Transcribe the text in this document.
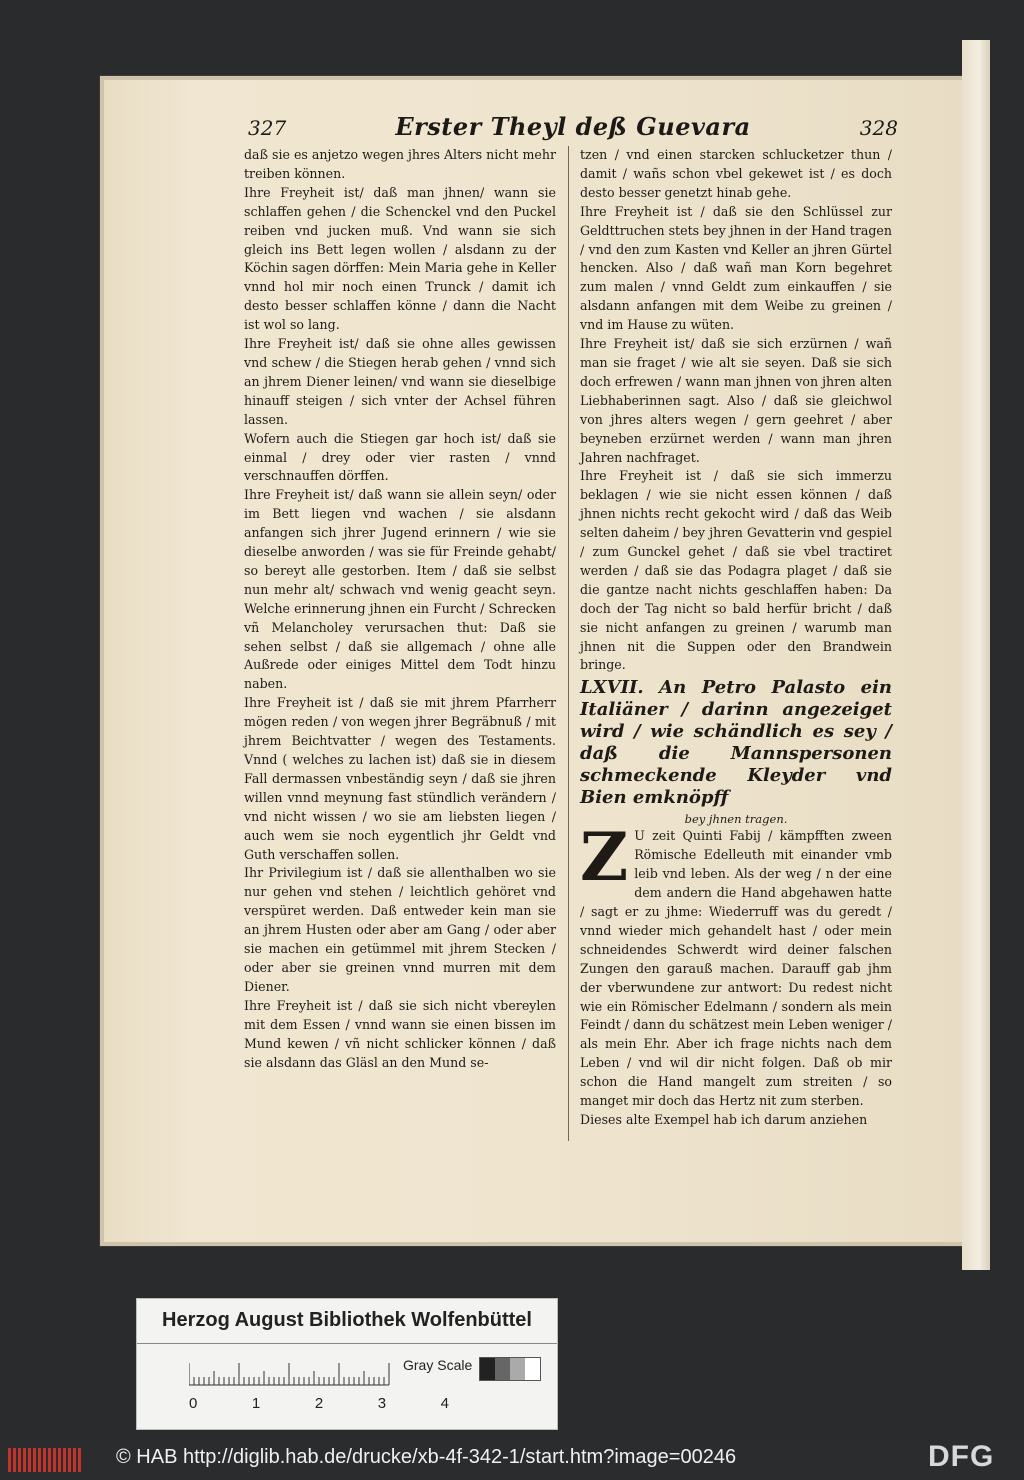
327	Erster Theyl deß Guevara	328

daß sie es anjetzo wegen jhres Alters nicht mehr treiben können.

Ihre Freyheit ist/ daß man jhnen/ wann sie schlaffen gehen / die Schenckel vnd den Puckel reiben vnd jucken muß. Vnd wann sie sich gleich ins Bett legen wollen / alsdann zu der Köchin sagen dörffen: Mein Maria gehe in Keller vnnd hol mir noch einen Trunck / damit ich desto besser schlaffen könne / dann die Nacht ist wol so lang.

Ihre Freyheit ist/ daß sie ohne alles gewissen vnd schew / die Stiegen herab gehen / vnnd sich an jhrem Diener leinen/ vnd wann sie dieselbige hinauff steigen / sich vnter der Achsel führen lassen.

Wofern auch die Stiegen gar hoch ist/ daß sie einmal / drey oder vier rasten / vnnd verschnauffen dörffen.

Ihre Freyheit ist/ daß wann sie allein seyn/ oder im Bett liegen vnd wachen / sie alsdann anfangen sich jhrer Jugend erinnern / wie sie dieselbe anworden / was sie für Freinde gehabt/ so bereyt alle gestorben. Item / daß sie selbst nun mehr alt/ schwach vnd wenig geacht seyn. Welche erinnerung jhnen ein Furcht / Schrecken vñ Melancholey verursachen thut: Daß sie sehen selbst / daß sie allgemach / ohne alle Außrede oder einiges Mittel dem Todt hinzu naben.

Ihre Freyheit ist / daß sie mit jhrem Pfarrherr mögen reden / von wegen jhrer Begräbnuß / mit jhrem Beichtvatter / wegen des Testaments. Vnnd ( welches zu lachen ist) daß sie in diesem Fall dermassen vnbeständig seyn / daß sie jhren willen vnnd meynung fast stündlich verändern / vnd nicht wissen / wo sie am liebsten liegen / auch wem sie noch eygentlich jhr Geldt vnd Guth verschaffen sollen.

Ihr Privilegium ist / daß sie allenthalben wo sie nur gehen vnd stehen / leichtlich gehöret vnd verspüret werden. Daß entweder kein man sie an jhrem Husten oder aber am Gang / oder aber sie machen ein getümmel mit jhrem Stecken / oder aber sie greinen vnnd murren mit dem Diener.

Ihre Freyheit ist / daß sie sich nicht vbereylen mit dem Essen / vnnd wann sie einen bissen im Mund kewen / vñ nicht schlicker können / daß sie alsdann das Gläsl an den Mund se-

tzen / vnd einen starcken schlucketzer thun / damit / wañs schon vbel gekewet ist / es doch desto besser genetzt hinab gehe.

Ihre Freyheit ist / daß sie den Schlüssel zur Geldttruchen stets bey jhnen in der Hand tragen / vnd den zum Kasten vnd Keller an jhren Gürtel hencken. Also / daß wañ man Korn begehret zum malen / vnnd Geldt zum einkauffen / sie alsdann anfangen mit dem Weibe zu greinen / vnd im Hause zu wüten.

Ihre Freyheit ist/ daß sie sich erzürnen / wañ man sie fraget / wie alt sie seyen. Daß sie sich doch erfrewen / wann man jhnen von jhren alten Liebhaberinnen sagt. Also / daß sie gleichwol von jhres alters wegen / gern geehret / aber beyneben erzürnet werden / wann man jhren Jahren nachfraget.

Ihre Freyheit ist / daß sie sich immerzu beklagen / wie sie nicht essen können / daß jhnen nichts recht gekocht wird / daß das Weib selten daheim / bey jhren Gevatterin vnd gespiel / zum Gunckel gehet / daß sie vbel tractiret werden / daß sie das Podagra plaget / daß sie die gantze nacht nichts geschlaffen haben: Da doch der Tag nicht so bald herfür bricht / daß sie nicht anfangen zu greinen / warumb man jhnen nit die Suppen oder den Brandwein bringe.

LXVII. An Petro Palasto ein Italiäner / darinn angezeiget wird / wie schändlich es sey / daß die Mannspersonen schmeckende Kleyder vnd Bien emknöpff
bey jhnen tragen.

Z U zeit Quinti Fabij / kämpfften zween Römische Edelleuth mit einander vmb leib vnd leben. Als der weg / n der eine dem andern die Hand abgehawen hatte / sagt er zu jhme: Wiederruff was du geredt / vnnd wieder mich gehandelt hast / oder mein schneidendes Schwerdt wird deiner falschen Zungen den garauß machen. Darauff gab jhm der vberwundene zur antwort: Du redest nicht wie ein Römischer Edelmann / sondern als mein Feindt / dann du schätzest mein Leben weniger / als mein Ehr. Aber ich frage nichts nach dem Leben / vnd wil dir nicht folgen. Daß ob mir schon die Hand mangelt zum streiten / so manget mir doch das Hertz nit zum sterben.

Dieses alte Exempel hab ich darum anziehen

Herzog August Bibliothek Wolfenbüttel
Gray Scale
0	1	2	3	4
© HAB http://diglib.hab.de/drucke/xb-4f-342-1/start.htm?image=00246	DFG
